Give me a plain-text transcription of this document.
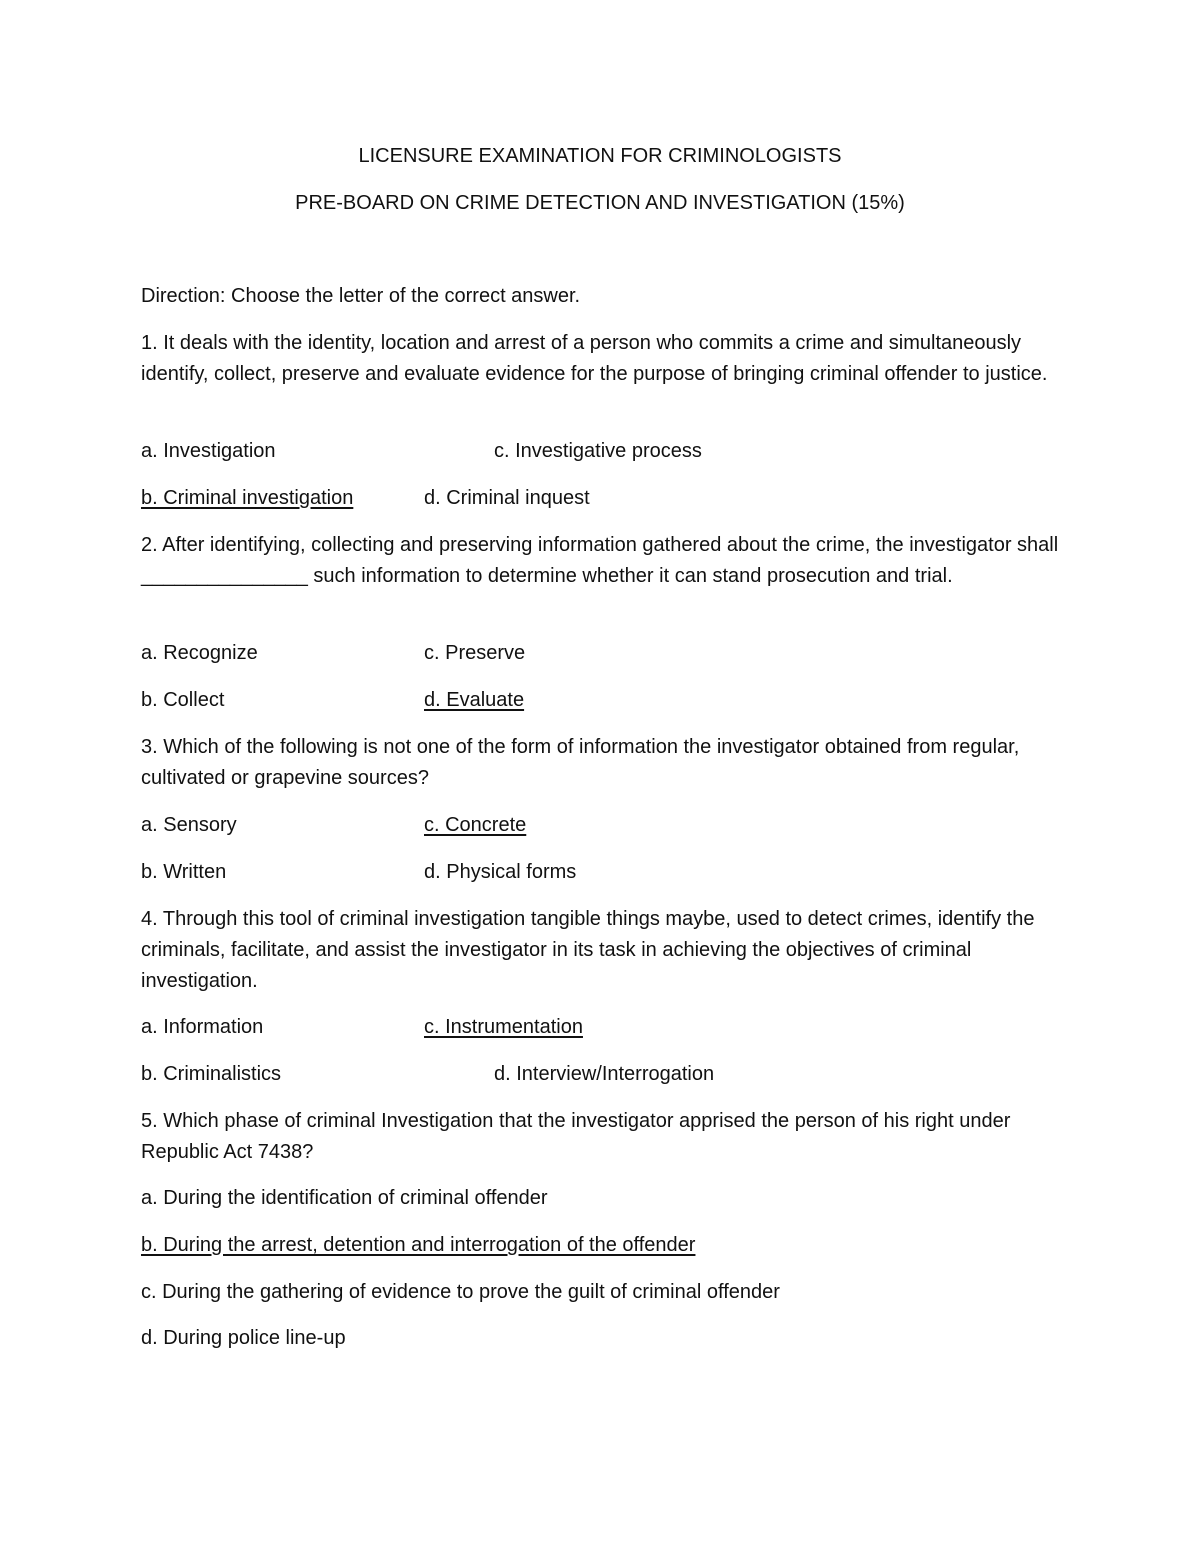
LICENSURE EXAMINATION FOR CRIMINOLOGISTS
PRE-BOARD ON CRIME DETECTION AND INVESTIGATION (15%)
Direction: Choose the letter of the correct answer.
1. It deals with the identity, location and arrest of a person who commits a crime and simultaneously identify, collect, preserve and evaluate evidence for the purpose of bringing criminal offender to justice.
a. Investigation	c. Investigative process
b. Criminal investigation	d. Criminal inquest
2. After identifying, collecting and preserving information gathered about the crime, the investigator shall _______________ such information to determine whether it can stand prosecution and trial.
a. Recognize	c. Preserve
b. Collect	d. Evaluate
3. Which of the following is not one of the form of information the investigator obtained from regular, cultivated or grapevine sources?
a. Sensory	c. Concrete
b. Written	d. Physical forms
4. Through this tool of criminal investigation tangible things maybe, used to detect crimes, identify the criminals, facilitate, and assist the investigator in its task in achieving the objectives of criminal investigation.
a. Information	c. Instrumentation
b. Criminalistics	d. Interview/Interrogation
5. Which phase of criminal Investigation that the investigator apprised the person of his right under Republic Act 7438?
a. During the identification of criminal offender
b. During the arrest, detention and interrogation of the offender
c. During the gathering of evidence to prove the guilt of criminal offender
d. During police line-up
